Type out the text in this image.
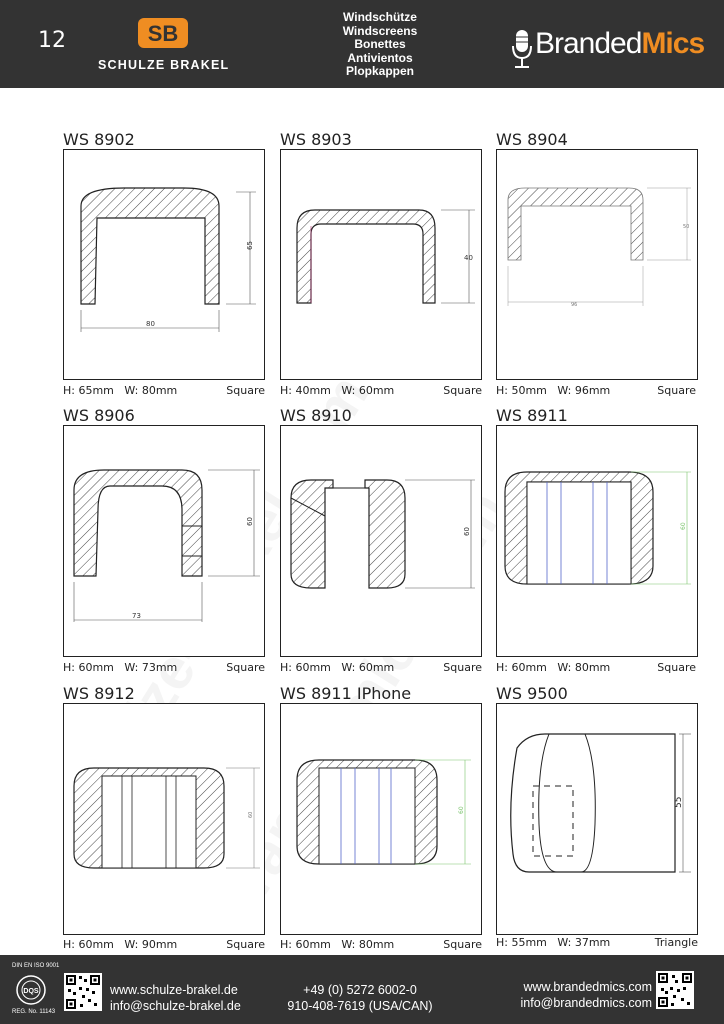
12	SB
SCHULZE BRAKEL
Windschütze
Windscreens
Bonettes
Antivientos
Plopkappen
BrandedMics
WS 8902
65
80
H: 65mm W: 80mm	Square
WS 8903
40
H: 40mm W: 60mm	Square
WS 8904
50
96
H: 50mm W: 96mm	Square
WS 8906
60
73
H: 60mm W: 73mm	Square
WS 8910
60
H: 60mm W: 60mm	Square
WS 8911
60
H: 60mm W: 80mm	Square
WS 8912
60
H: 60mm W: 90mm	Square
WS 8911 IPhone
60
H: 60mm W: 80mm	Square
WS 9500
55
H: 55mm W: 37mm	Triangle
DIN EN ISO 9001
DQS
REG. No. 11143
www.schulze-brakel.de
info@schulze-brakel.de
+49 (0) 5272 6002-0
910-408-7619 (USA/CAN)
www.brandedmics.com
info@brandedmics.com
